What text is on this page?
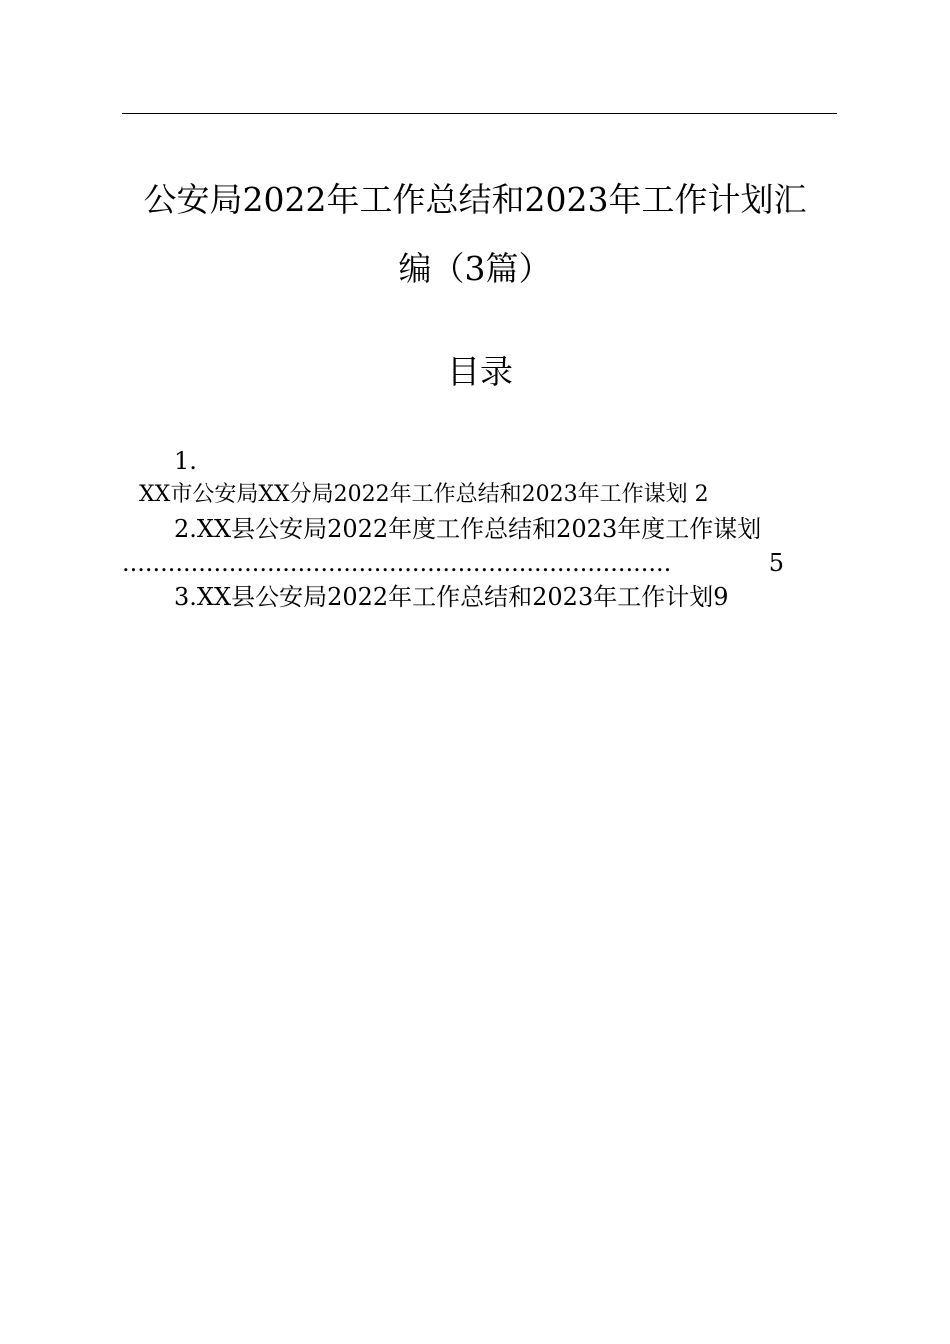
公安局2022年工作总结和2023年工作计划汇
编（3篇）
目录
1.
XX市公安局XX分局2022年工作总结和2023年工作谋划 2
2.XX县公安局2022年度工作总结和2023年度工作谋划
........................................................................	5
3.XX县公安局2022年工作总结和2023年工作计划9
